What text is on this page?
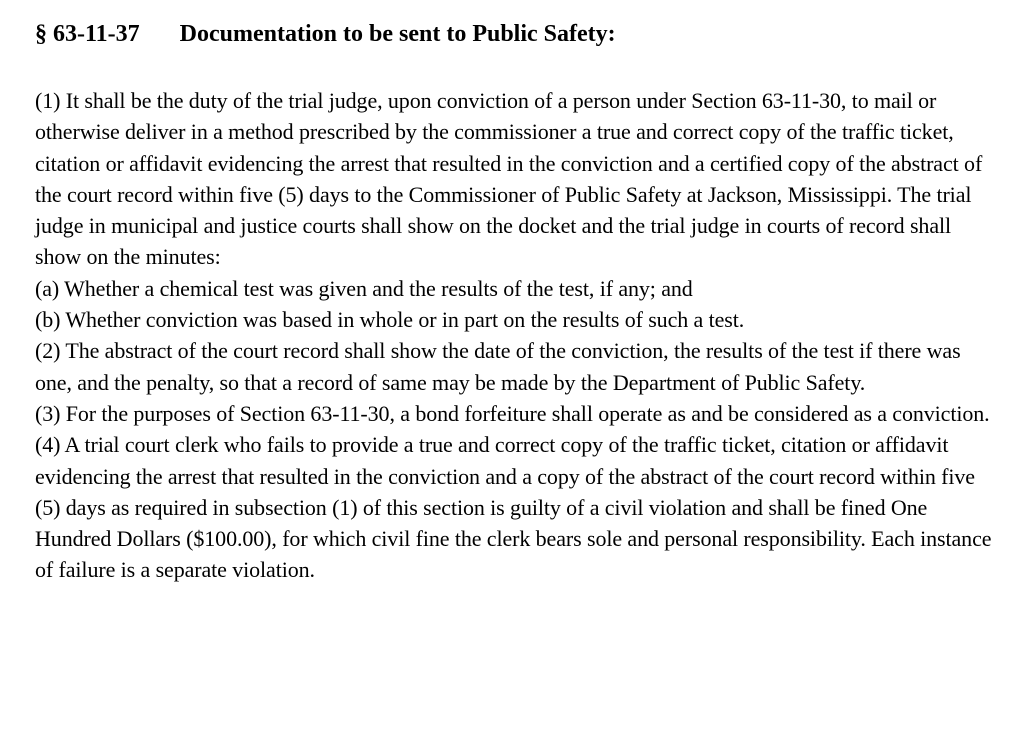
§ 63-11-37 Documentation to be sent to Public Safety:

(1) It shall be the duty of the trial judge, upon conviction of a person under Section 63-11-30, to mail or otherwise deliver in a method prescribed by the commissioner a true and correct copy of the traffic ticket, citation or affidavit evidencing the arrest that resulted in the conviction and a certified copy of the abstract of the court record within five (5) days to the Commissioner of Public Safety at Jackson, Mississippi. The trial judge in municipal and justice courts shall show on the docket and the trial judge in courts of record shall show on the minutes:

(a) Whether a chemical test was given and the results of the test, if any; and

(b) Whether conviction was based in whole or in part on the results of such a test.

(2) The abstract of the court record shall show the date of the conviction, the results of the test if there was one, and the penalty, so that a record of same may be made by the Department of Public Safety.

(3) For the purposes of Section 63-11-30, a bond forfeiture shall operate as and be considered as a conviction.

(4) A trial court clerk who fails to provide a true and correct copy of the traffic ticket, citation or affidavit evidencing the arrest that resulted in the conviction and a copy of the abstract of the court record within five (5) days as required in subsection (1) of this section is guilty of a civil violation and shall be fined One Hundred Dollars ($100.00), for which civil fine the clerk bears sole and personal responsibility. Each instance of failure is a separate violation.
